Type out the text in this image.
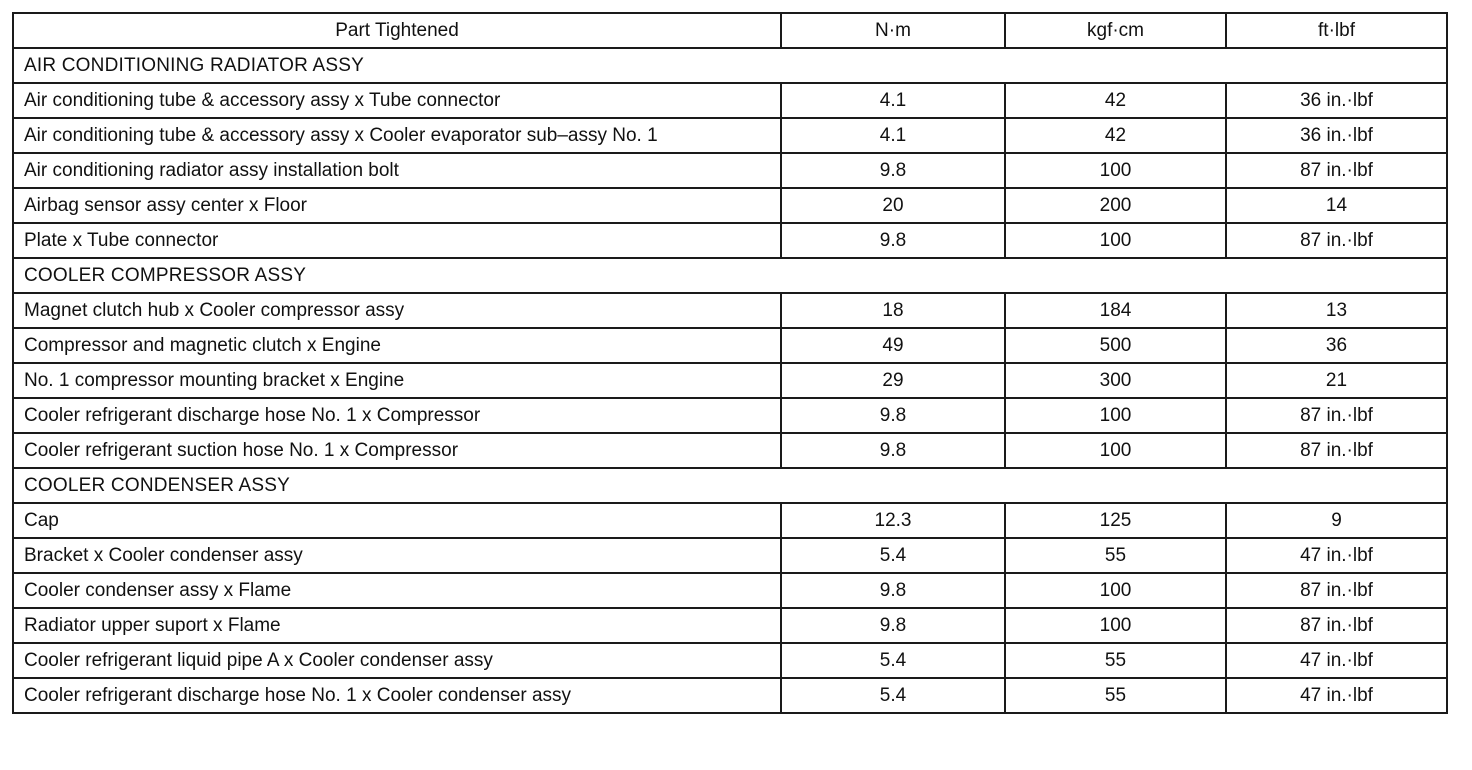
Part Tightened	N·m	kgf·cm	ft·lbf
AIR CONDITIONING RADIATOR ASSY			
Air conditioning tube & accessory assy x Tube connector	4.1	42	36 in.·lbf
Air conditioning tube & accessory assy x Cooler evaporator sub–assy No. 1	4.1	42	36 in.·lbf
Air conditioning radiator assy installation bolt	9.8	100	87 in.·lbf
Airbag sensor assy center x Floor	20	200	14
Plate x Tube connector	9.8	100	87 in.·lbf
COOLER COMPRESSOR ASSY			
Magnet clutch hub x Cooler compressor assy	18	184	13
Compressor and magnetic clutch x Engine	49	500	36
No. 1 compressor mounting bracket x Engine	29	300	21
Cooler refrigerant discharge hose No. 1 x Compressor	9.8	100	87 in.·lbf
Cooler refrigerant suction hose No. 1 x Compressor	9.8	100	87 in.·lbf
COOLER CONDENSER ASSY			
Cap	12.3	125	9
Bracket x Cooler condenser assy	5.4	55	47 in.·lbf
Cooler condenser assy x Flame	9.8	100	87 in.·lbf
Radiator upper suport x Flame	9.8	100	87 in.·lbf
Cooler refrigerant liquid pipe A x Cooler condenser assy	5.4	55	47 in.·lbf
Cooler refrigerant discharge hose No. 1 x Cooler condenser assy	5.4	55	47 in.·lbf
